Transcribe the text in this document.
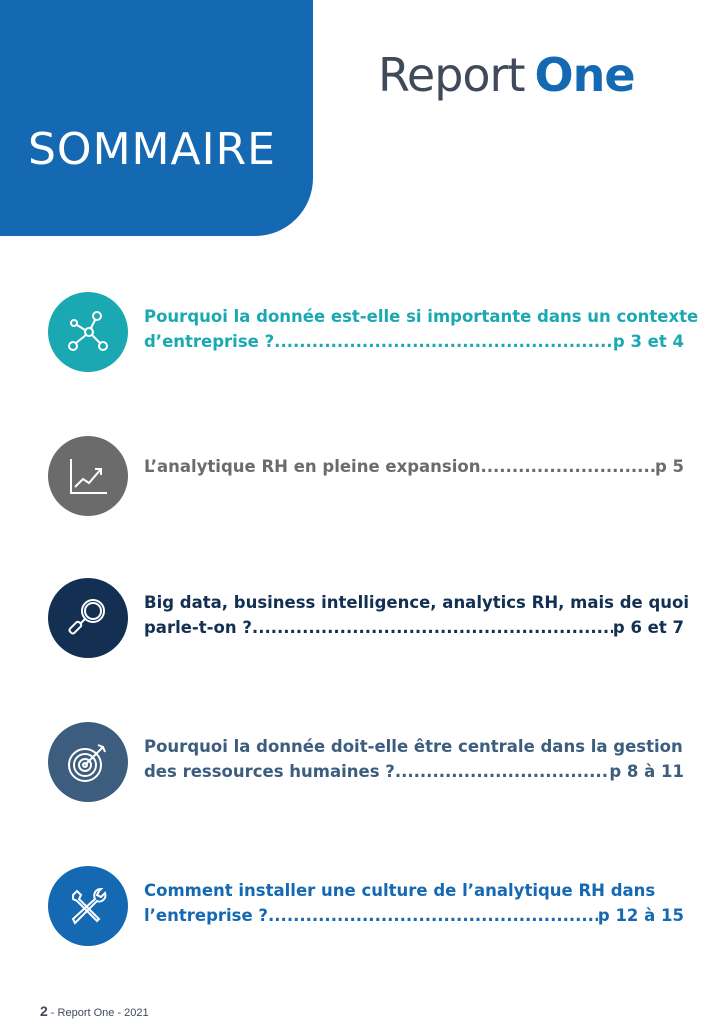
SOMMAIRE
Report One
Pourquoi la donnée est-elle si importante dans un contexte
d’entreprise ? .....	p 3 et 4
L’analytique RH en pleine expansion .....	p 5
Big data, business intelligence, analytics RH, mais de quoi
parle-t-on ? .....	p 6 et 7
Pourquoi la donnée doit-elle être centrale dans la gestion
des ressources humaines ? .....	p 8 à 11
Comment installer une culture de l’analytique RH dans
l’entreprise ? .....	p 12 à 15
2 - Report One - 2021
